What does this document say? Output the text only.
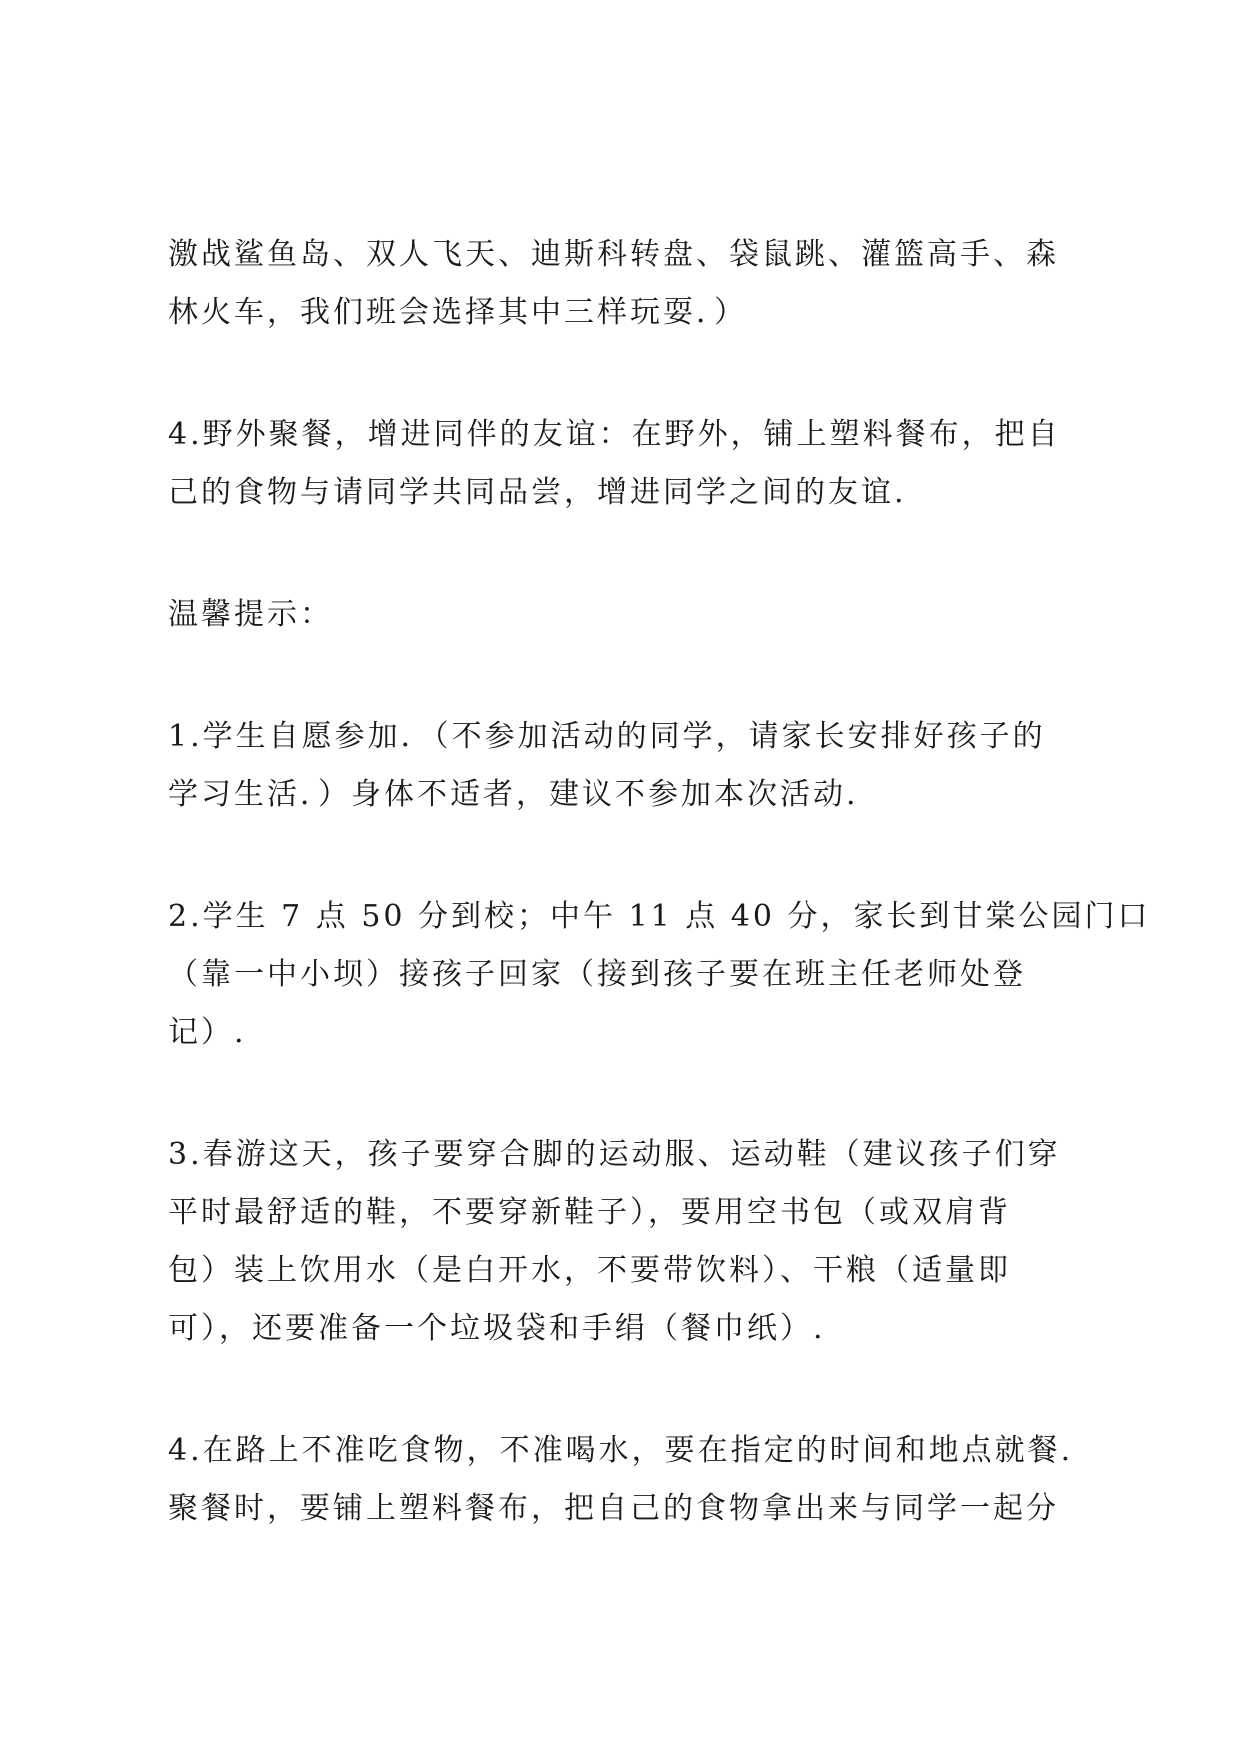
激战鲨鱼岛、双人飞天、迪斯科转盘、袋鼠跳、灌篮高手、森
林火车，我们班会选择其中三样玩耍．）
4.野外聚餐，增进同伴的友谊：在野外，铺上塑料餐布，把自
己的食物与请同学共同品尝，增进同学之间的友谊.
温馨提示：
1.学生自愿参加．（不参加活动的同学，请家长安排好孩子的
学习生活．）身体不适者，建议不参加本次活动.
2.学生 7 点 50 分到校；中午 11 点 40 分，家长到甘棠公园门口
（靠一中小坝）接孩子回家（接到孩子要在班主任老师处登
记）.
3.春游这天，孩子要穿合脚的运动服、运动鞋（建议孩子们穿
平时最舒适的鞋，不要穿新鞋子），要用空书包（或双肩背
包）装上饮用水（是白开水，不要带饮料）、干粮（适量即
可），还要准备一个垃圾袋和手绢（餐巾纸）.
4.在路上不准吃食物，不准喝水，要在指定的时间和地点就餐.
聚餐时，要铺上塑料餐布，把自己的食物拿出来与同学一起分
